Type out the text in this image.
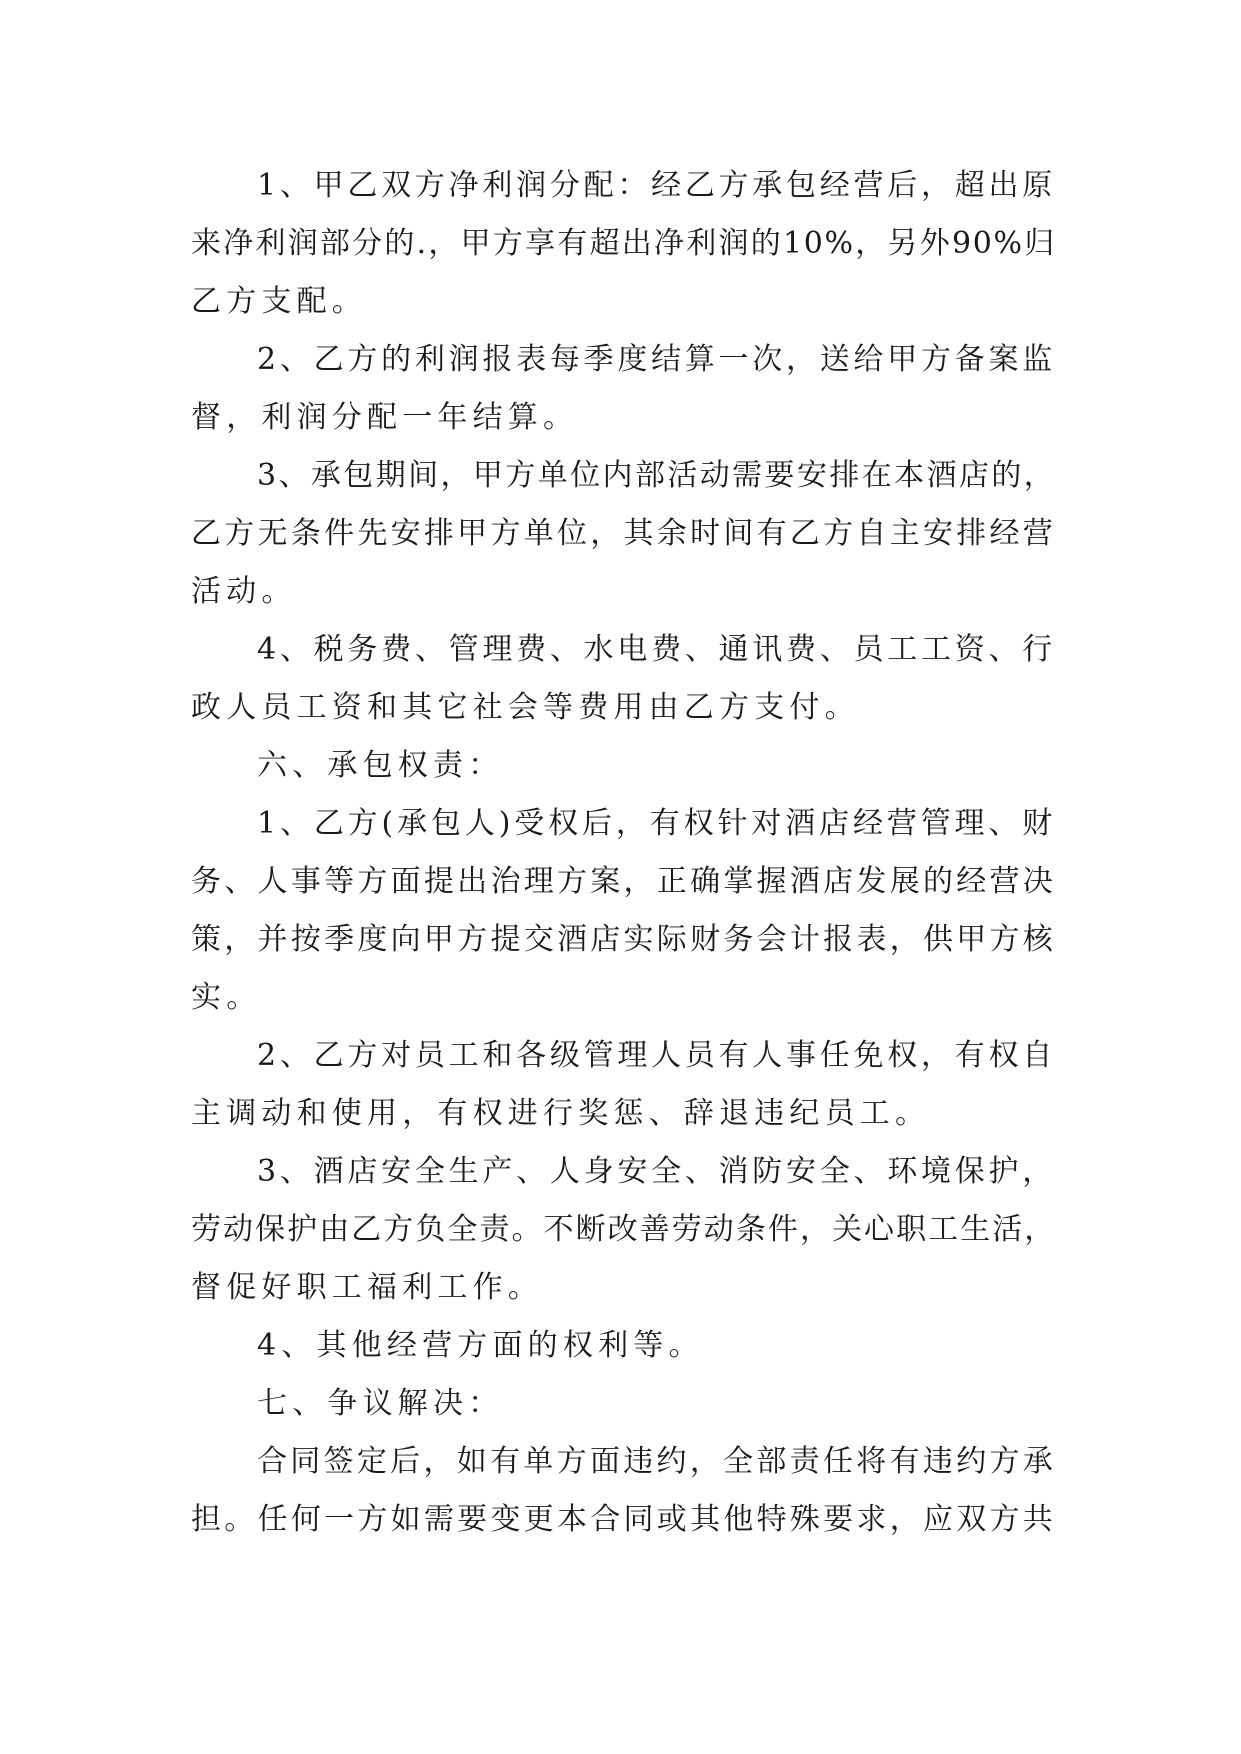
1、甲乙双方净利润分配：经乙方承包经营后，超出原
来净利润部分的.，甲方享有超出净利润的10%，另外90%归
乙方支配。

2、乙方的利润报表每季度结算一次，送给甲方备案监
督，利润分配一年结算。

3、承包期间，甲方单位内部活动需要安排在本酒店的，
乙方无条件先安排甲方单位，其余时间有乙方自主安排经营
活动。

4、税务费、管理费、水电费、通讯费、员工工资、行
政人员工资和其它社会等费用由乙方支付。

六、承包权责：

1、乙方(承包人)受权后，有权针对酒店经营管理、财
务、人事等方面提出治理方案，正确掌握酒店发展的经营决
策，并按季度向甲方提交酒店实际财务会计报表，供甲方核
实。

2、乙方对员工和各级管理人员有人事任免权，有权自
主调动和使用，有权进行奖惩、辞退违纪员工。

3、酒店安全生产、人身安全、消防安全、环境保护，
劳动保护由乙方负全责。不断改善劳动条件，关心职工生活，
督促好职工福利工作。

4、其他经营方面的权利等。

七、争议解决：

合同签定后，如有单方面违约，全部责任将有违约方承
担。任何一方如需要变更本合同或其他特殊要求，应双方共
